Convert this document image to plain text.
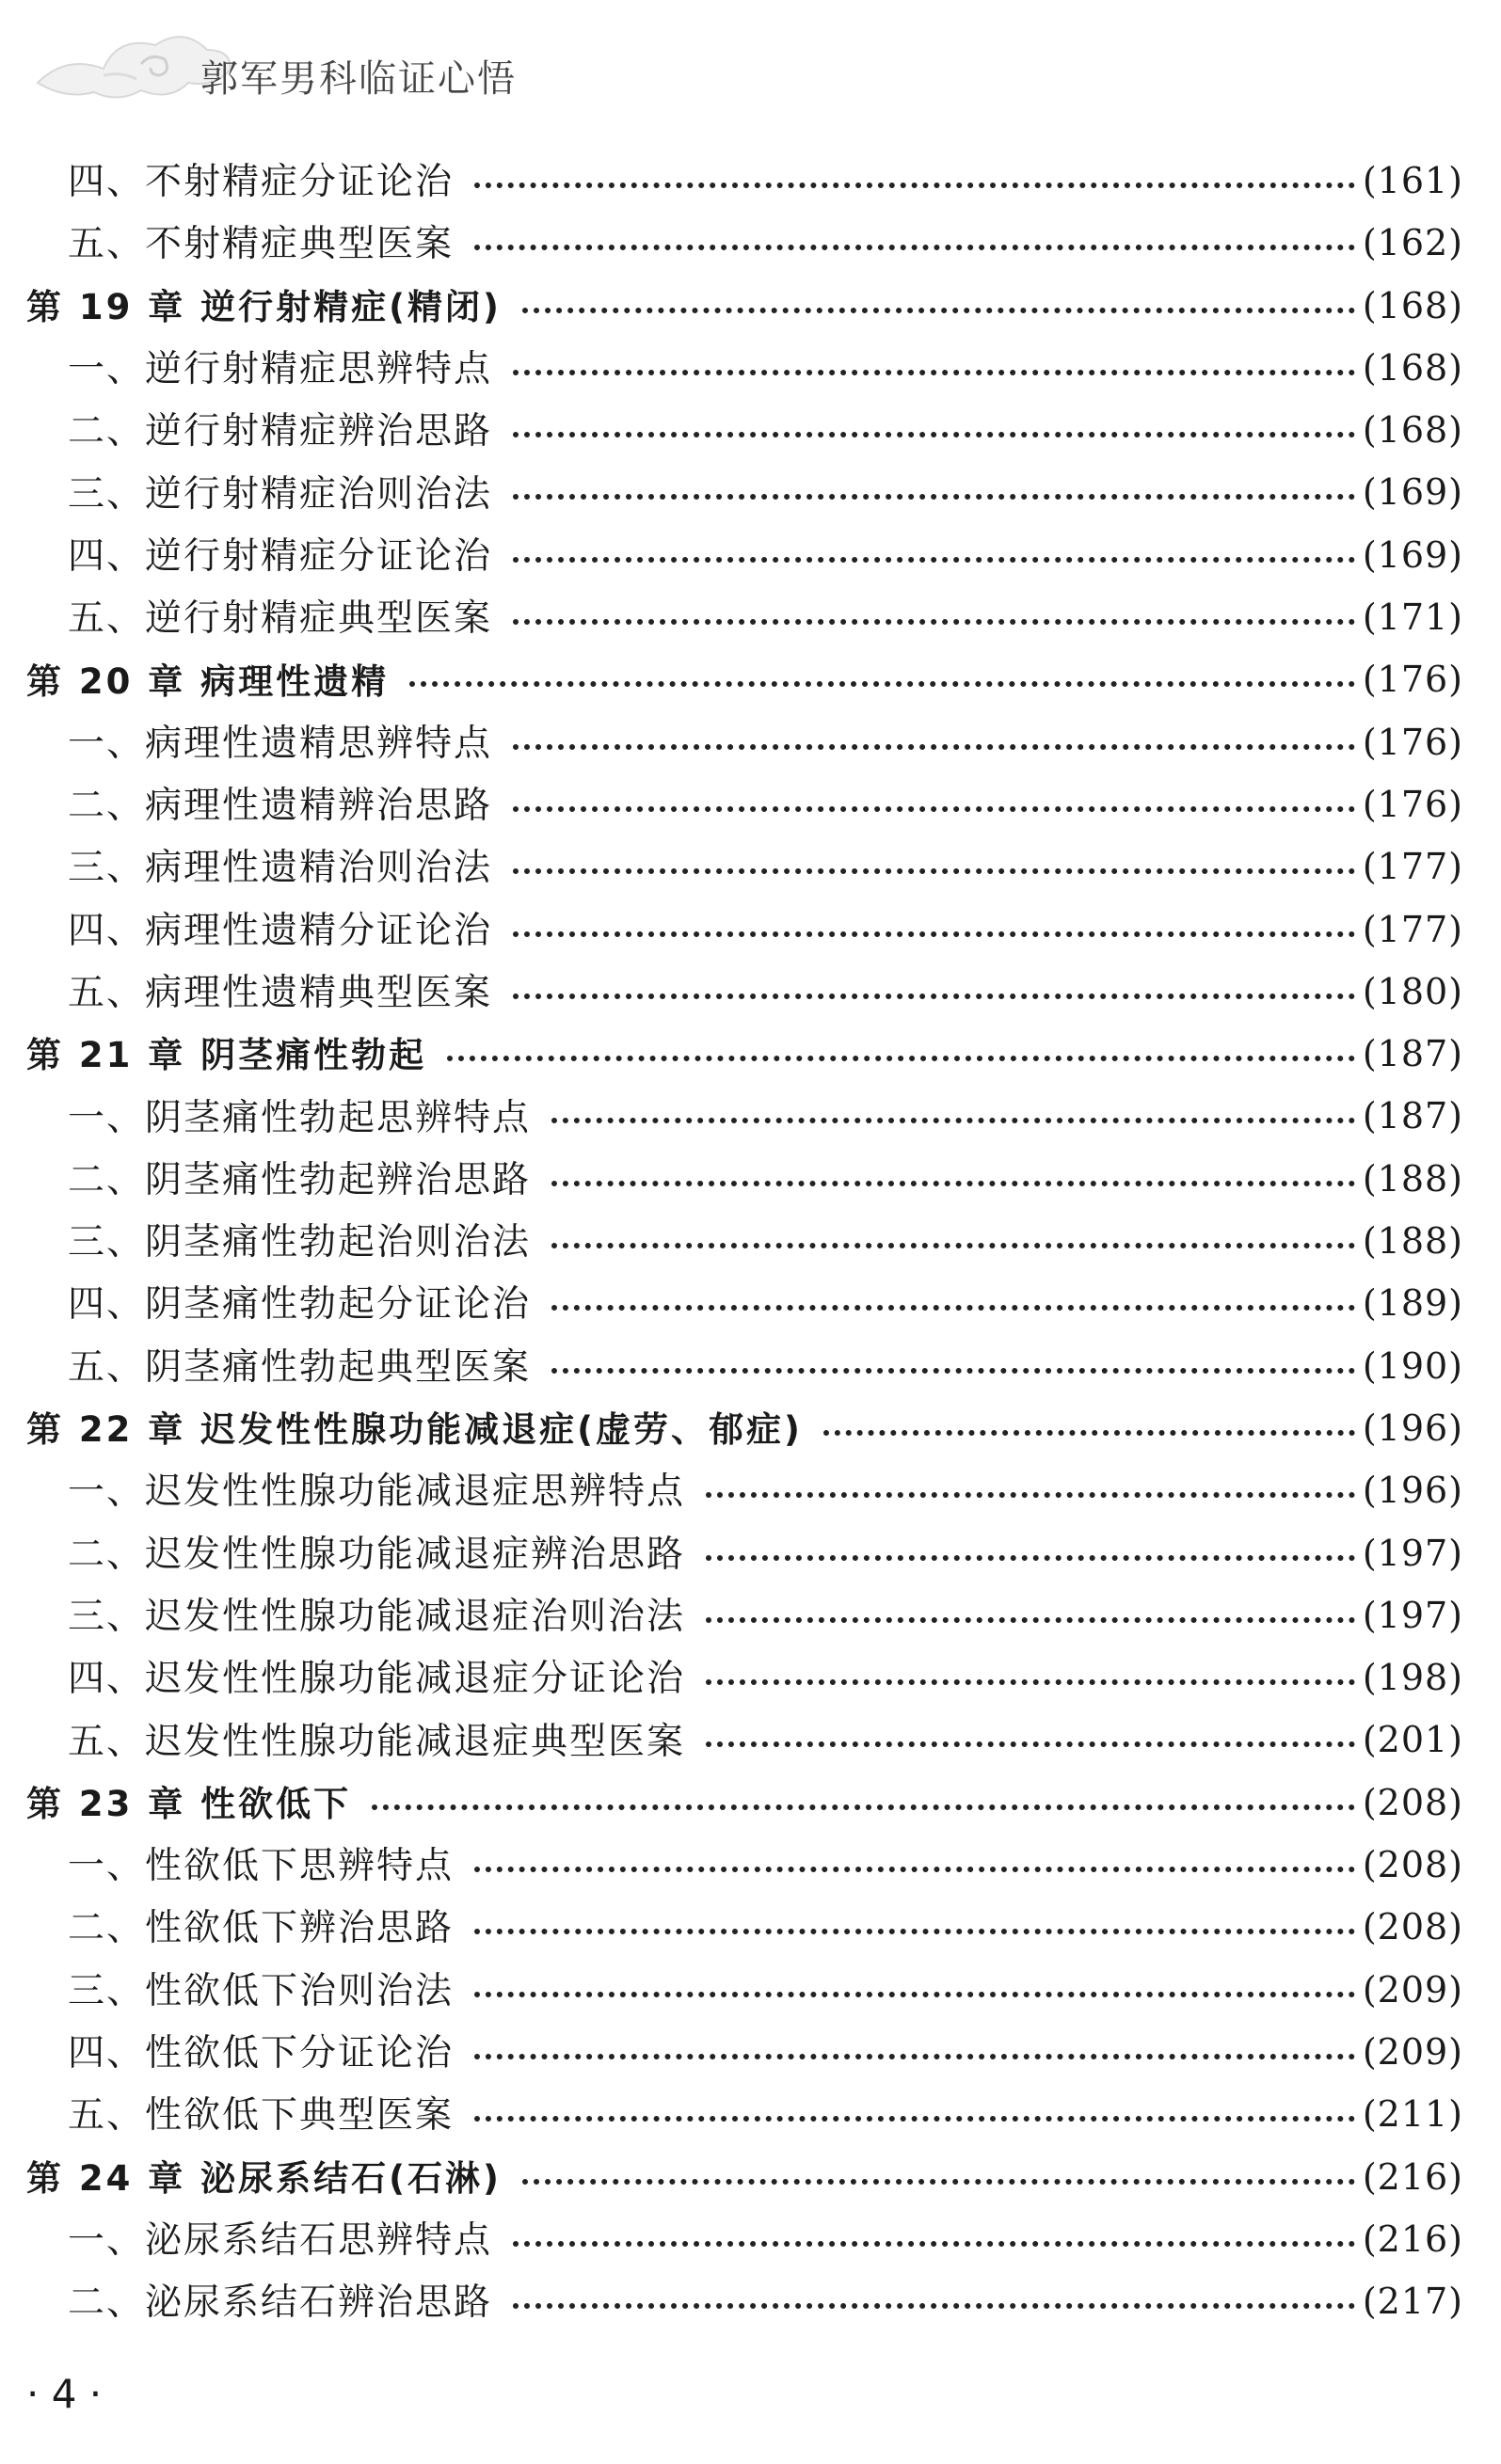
郭军男科临证心悟
四、不射精症分证论治	(161)
五、不射精症典型医案	(162)
第 19 章 逆行射精症(精闭)	(168)
一、逆行射精症思辨特点	(168)
二、逆行射精症辨治思路	(168)
三、逆行射精症治则治法	(169)
四、逆行射精症分证论治	(169)
五、逆行射精症典型医案	(171)
第 20 章 病理性遗精	(176)
一、病理性遗精思辨特点	(176)
二、病理性遗精辨治思路	(176)
三、病理性遗精治则治法	(177)
四、病理性遗精分证论治	(177)
五、病理性遗精典型医案	(180)
第 21 章 阴茎痛性勃起	(187)
一、阴茎痛性勃起思辨特点	(187)
二、阴茎痛性勃起辨治思路	(188)
三、阴茎痛性勃起治则治法	(188)
四、阴茎痛性勃起分证论治	(189)
五、阴茎痛性勃起典型医案	(190)
第 22 章 迟发性性腺功能减退症(虚劳、郁症)	(196)
一、迟发性性腺功能减退症思辨特点	(196)
二、迟发性性腺功能减退症辨治思路	(197)
三、迟发性性腺功能减退症治则治法	(197)
四、迟发性性腺功能减退症分证论治	(198)
五、迟发性性腺功能减退症典型医案	(201)
第 23 章 性欲低下	(208)
一、性欲低下思辨特点	(208)
二、性欲低下辨治思路	(208)
三、性欲低下治则治法	(209)
四、性欲低下分证论治	(209)
五、性欲低下典型医案	(211)
第 24 章 泌尿系结石(石淋)	(216)
一、泌尿系结石思辨特点	(216)
二、泌尿系结石辨治思路	(217)
· 4 ·
